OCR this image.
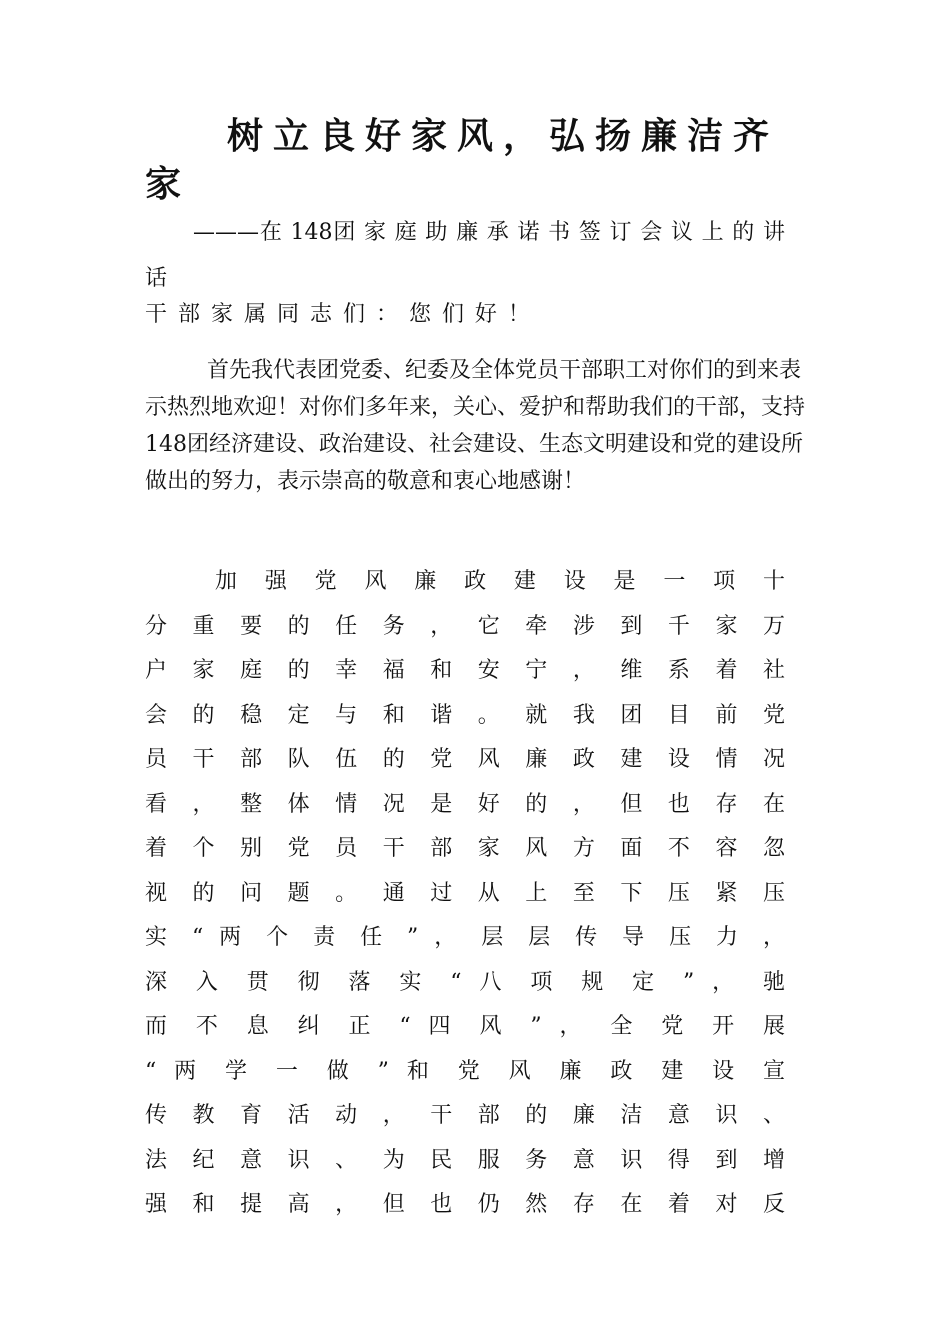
树立良好家风，弘扬廉洁齐家

———在 148团 家 庭 助 廉 承 诺 书 签 订 会 议 上 的 讲 话

干 部 家 属 同 志 们 ： 您 们 好 ！

首先我代表团党委、纪委及全体党员干部职工对你们的到来表示热烈地欢迎！对你们多年来，关心、爱护和帮助我们的干部，支持148团经济建设、政治建设、社会建设、生态文明建设和党的建设所做出的努力，表示崇高的敬意和衷心地感谢！

加 强 党 风 廉 政 建 设 是 一 项 十
分 重 要 的 任 务 ， 它 牵 涉 到 千 家 万
户 家 庭 的 幸 福 和 安 宁 ， 维 系 着 社
会 的 稳 定 与 和 谐 。 就 我 团 目 前 党
员 干 部 队 伍 的 党 风 廉 政 建 设 情 况
看 ， 整 体 情 况 是 好 的 ， 但 也 存 在
着 个 别 党 员 干 部 家 风 方 面 不 容 忽
视 的 问 题 。 通 过 从 上 至 下 压 紧 压
实 “ 两 个 责 任 ” ， 层 层 传 导 压 力 ，
深 入 贯 彻 落 实 “ 八 项 规 定 ” ， 驰
而 不 息 纠 正 “ 四 风 ” ， 全 党 开 展
“ 两 学 一 做 ” 和 党 风 廉 政 建 设 宣
传 教 育 活 动 ， 干 部 的 廉 洁 意 识 、
法 纪 意 识 、 为 民 服 务 意 识 得 到 增
强 和 提 高 ， 但 也 仍 然 存 在 着 对 反
